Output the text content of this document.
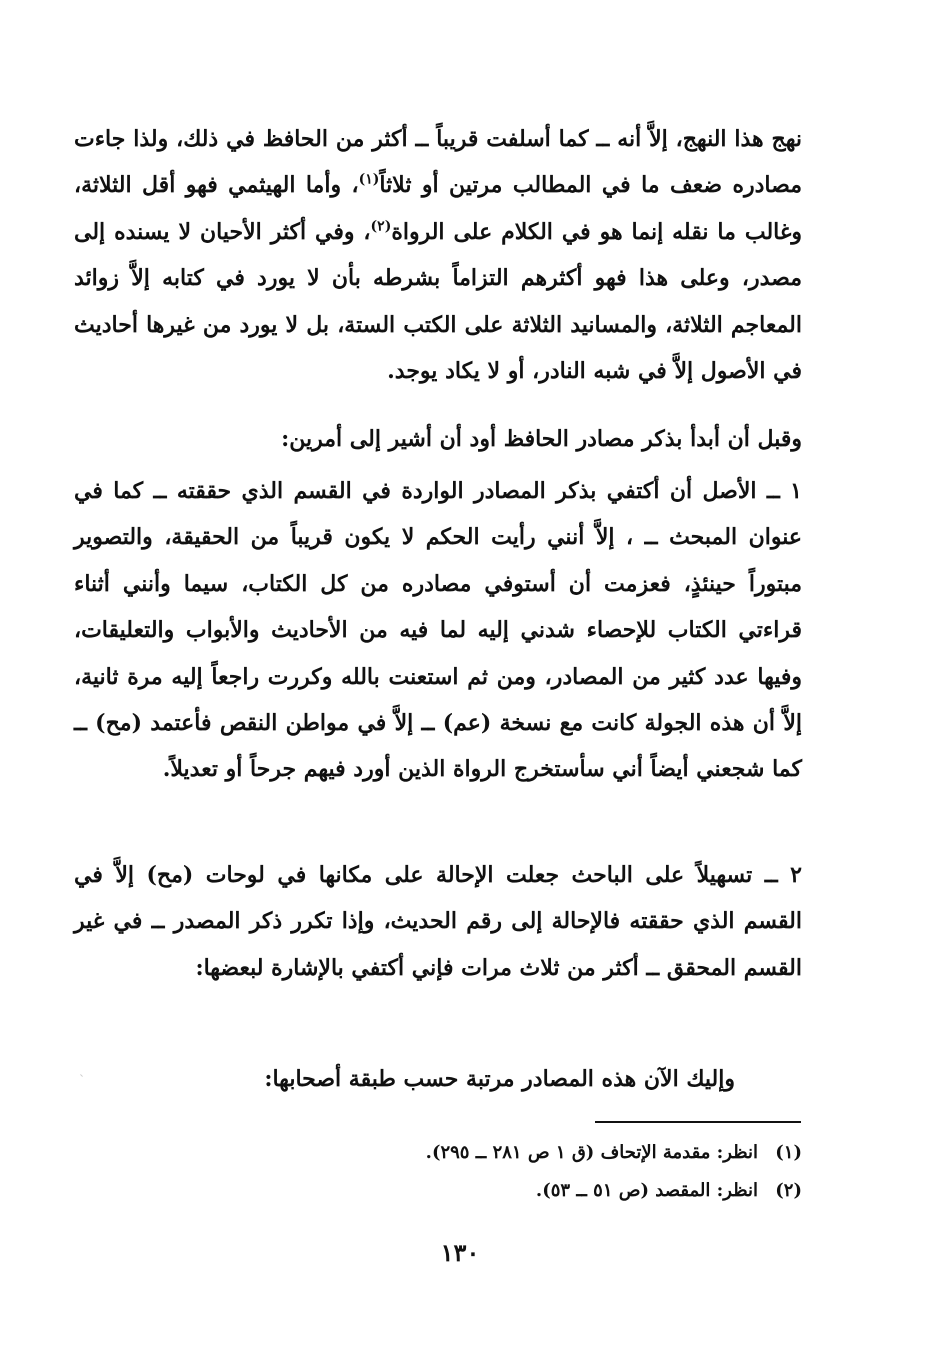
نهج هذا النهج، إلاَّ أنه ــ كما أسلفت قريباً ــ أكثر من الحافظ في ذلك، ولذا جاءت مصادره ضعف ما في المطالب مرتين أو ثلاثاً$^{(١)}$، وأما الهيثمي فهو أقل الثلاثة، وغالب ما نقله إنما هو في الكلام على الرواة$^{(٢)}$، وفي أكثر الأحيان لا يسنده إلى مصدر، وعلى هذا فهو أكثرهم التزاماً بشرطه بأن لا يورد في كتابه إلاَّ زوائد المعاجم الثلاثة، والمسانيد الثلاثة على الكتب الستة، بل لا يورد من غيرها أحاديث في الأصول إلاَّ في شبه النادر، أو لا يكاد يوجد.
وقبل أن أبدأ بذكر مصادر الحافظ أود أن أشير إلى أمرين:
١ ــ الأصل أن أكتفي بذكر المصادر الواردة في القسم الذي حققته ــ كما في عنوان المبحث ــ ، إلاَّ أنني رأيت الحكم لا يكون قريباً من الحقيقة، والتصوير مبتوراً حينئذٍ، فعزمت أن أستوفي مصادره من كل الكتاب، سيما وأنني أثناء قراءتي الكتاب للإحصاء شدني إليه لما فيه من الأحاديث والأبواب والتعليقات، وفيها عدد كثير من المصادر، ومن ثم استعنت بالله وكررت راجعاً إليه مرة ثانية، إلاَّ أن هذه الجولة كانت مع نسخة (عم) ــ إلاَّ في مواطن النقص فأعتمد (مح) ــ كما شجعني أيضاً أني سأستخرج الرواة الذين أورد فيهم جرحاً أو تعديلاً.
٢ ــ تسهيلاً على الباحث جعلت الإحالة على مكانها في لوحات (مح) إلاَّ في القسم الذي حققته فالإحالة إلى رقم الحديث، وإذا تكرر ذكر المصدر ــ في غير القسم المحقق ــ أكثر من ثلاث مرات فإني أكتفي بالإشارة لبعضها:
وإليك الآن هذه المصادر مرتبة حسب طبقة أصحابها:
(١)انظر: مقدمة الإتحاف (ق ١ ص ٢٨١ ــ ٢٩٥).
(٢)انظر: المقصد (ص ٥١ ــ ٥٣).
١٣٠
